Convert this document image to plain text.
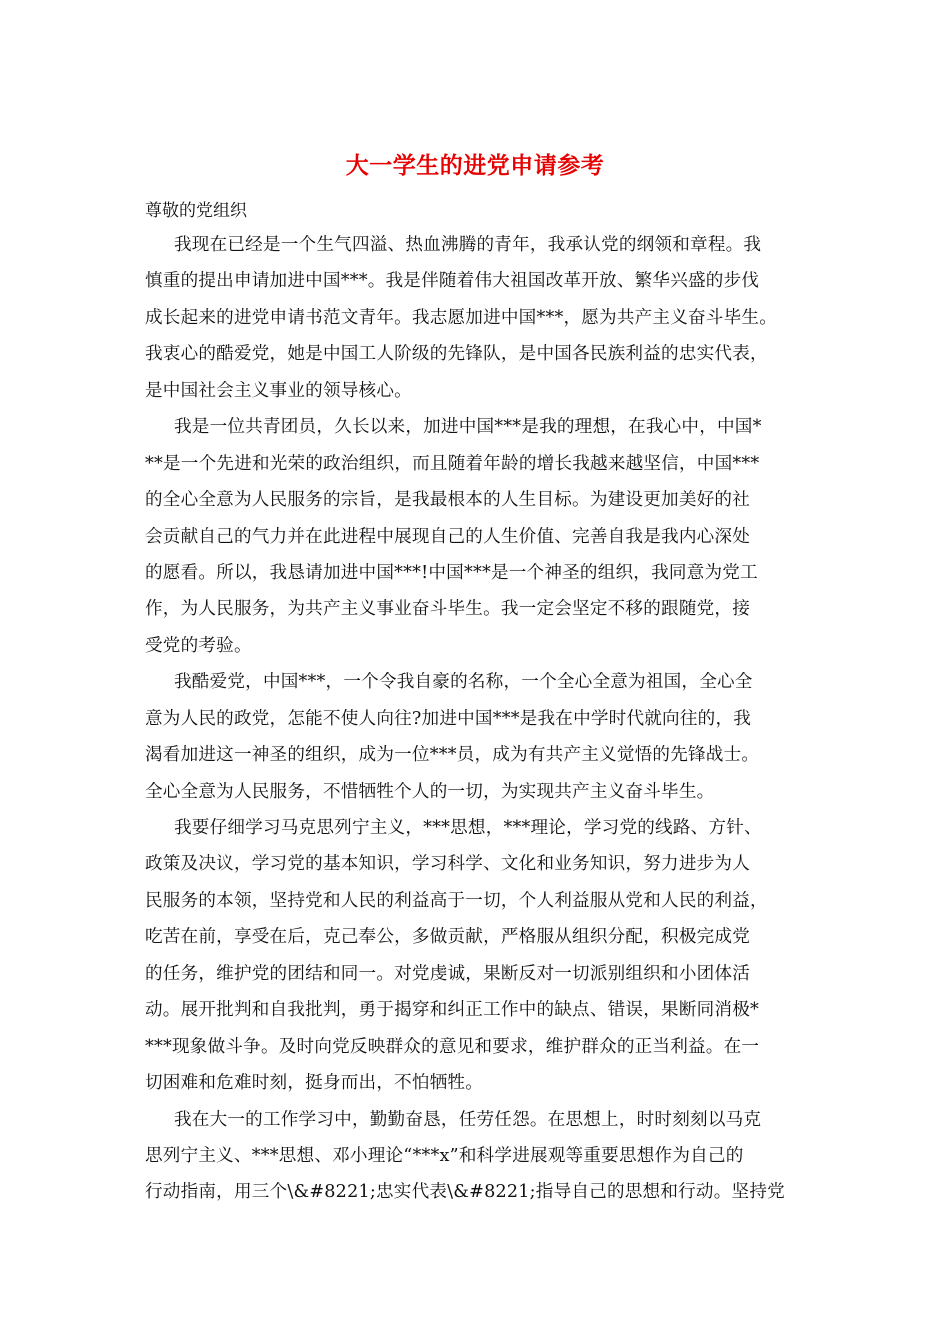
大一学生的进党申请参考
尊敬的党组织
我现在已经是一个生气四溢、热血沸腾的青年，我承认党的纲领和章程。我
慎重的提出申请加进中国***。我是伴随着伟大祖国改革开放、繁华兴盛的步伐
成长起来的进党申请书范文青年。我志愿加进中国***，愿为共产主义奋斗毕生。
我衷心的酷爱党，她是中国工人阶级的先锋队，是中国各民族利益的忠实代表，
是中国社会主义事业的领导核心。
我是一位共青团员，久长以来，加进中国***是我的理想，在我心中，中国*
**是一个先进和光荣的政治组织，而且随着年龄的增长我越来越坚信，中国***
的全心全意为人民服务的宗旨，是我最根本的人生目标。为建设更加美好的社
会贡献自己的气力并在此进程中展现自己的人生价值、完善自我是我内心深处
的愿看。所以，我恳请加进中国***!中国***是一个神圣的组织，我同意为党工
作，为人民服务，为共产主义事业奋斗毕生。我一定会坚定不移的跟随党，接
受党的考验。
我酷爱党，中国***，一个令我自豪的名称，一个全心全意为祖国，全心全
意为人民的政党，怎能不使人向往?加进中国***是我在中学时代就向往的，我
渴看加进这一神圣的组织，成为一位***员，成为有共产主义觉悟的先锋战士。
全心全意为人民服务，不惜牺牲个人的一切，为实现共产主义奋斗毕生。
我要仔细学习马克思列宁主义，***思想，***理论，学习党的线路、方针、
政策及决议，学习党的基本知识，学习科学、文化和业务知识，努力进步为人
民服务的本领，坚持党和人民的利益高于一切，个人利益服从党和人民的利益，
吃苦在前，享受在后，克己奉公，多做贡献，严格服从组织分配，积极完成党
的任务，维护党的团结和同一。对党虔诚，果断反对一切派别组织和小团体活
动。展开批判和自我批判，勇于揭穿和纠正工作中的缺点、错误，果断同消极*
***现象做斗争。及时向党反映群众的意见和要求，维护群众的正当利益。在一
切困难和危难时刻，挺身而出，不怕牺牲。
我在大一的工作学习中，勤勤奋恳，任劳任怨。在思想上，时时刻刻以马克
思列宁主义、***思想、邓小理论“***x”和科学进展观等重要思想作为自己的
行动指南，用三个\&#8221;忠实代表\&#8221;指导自己的思想和行动。坚持党
